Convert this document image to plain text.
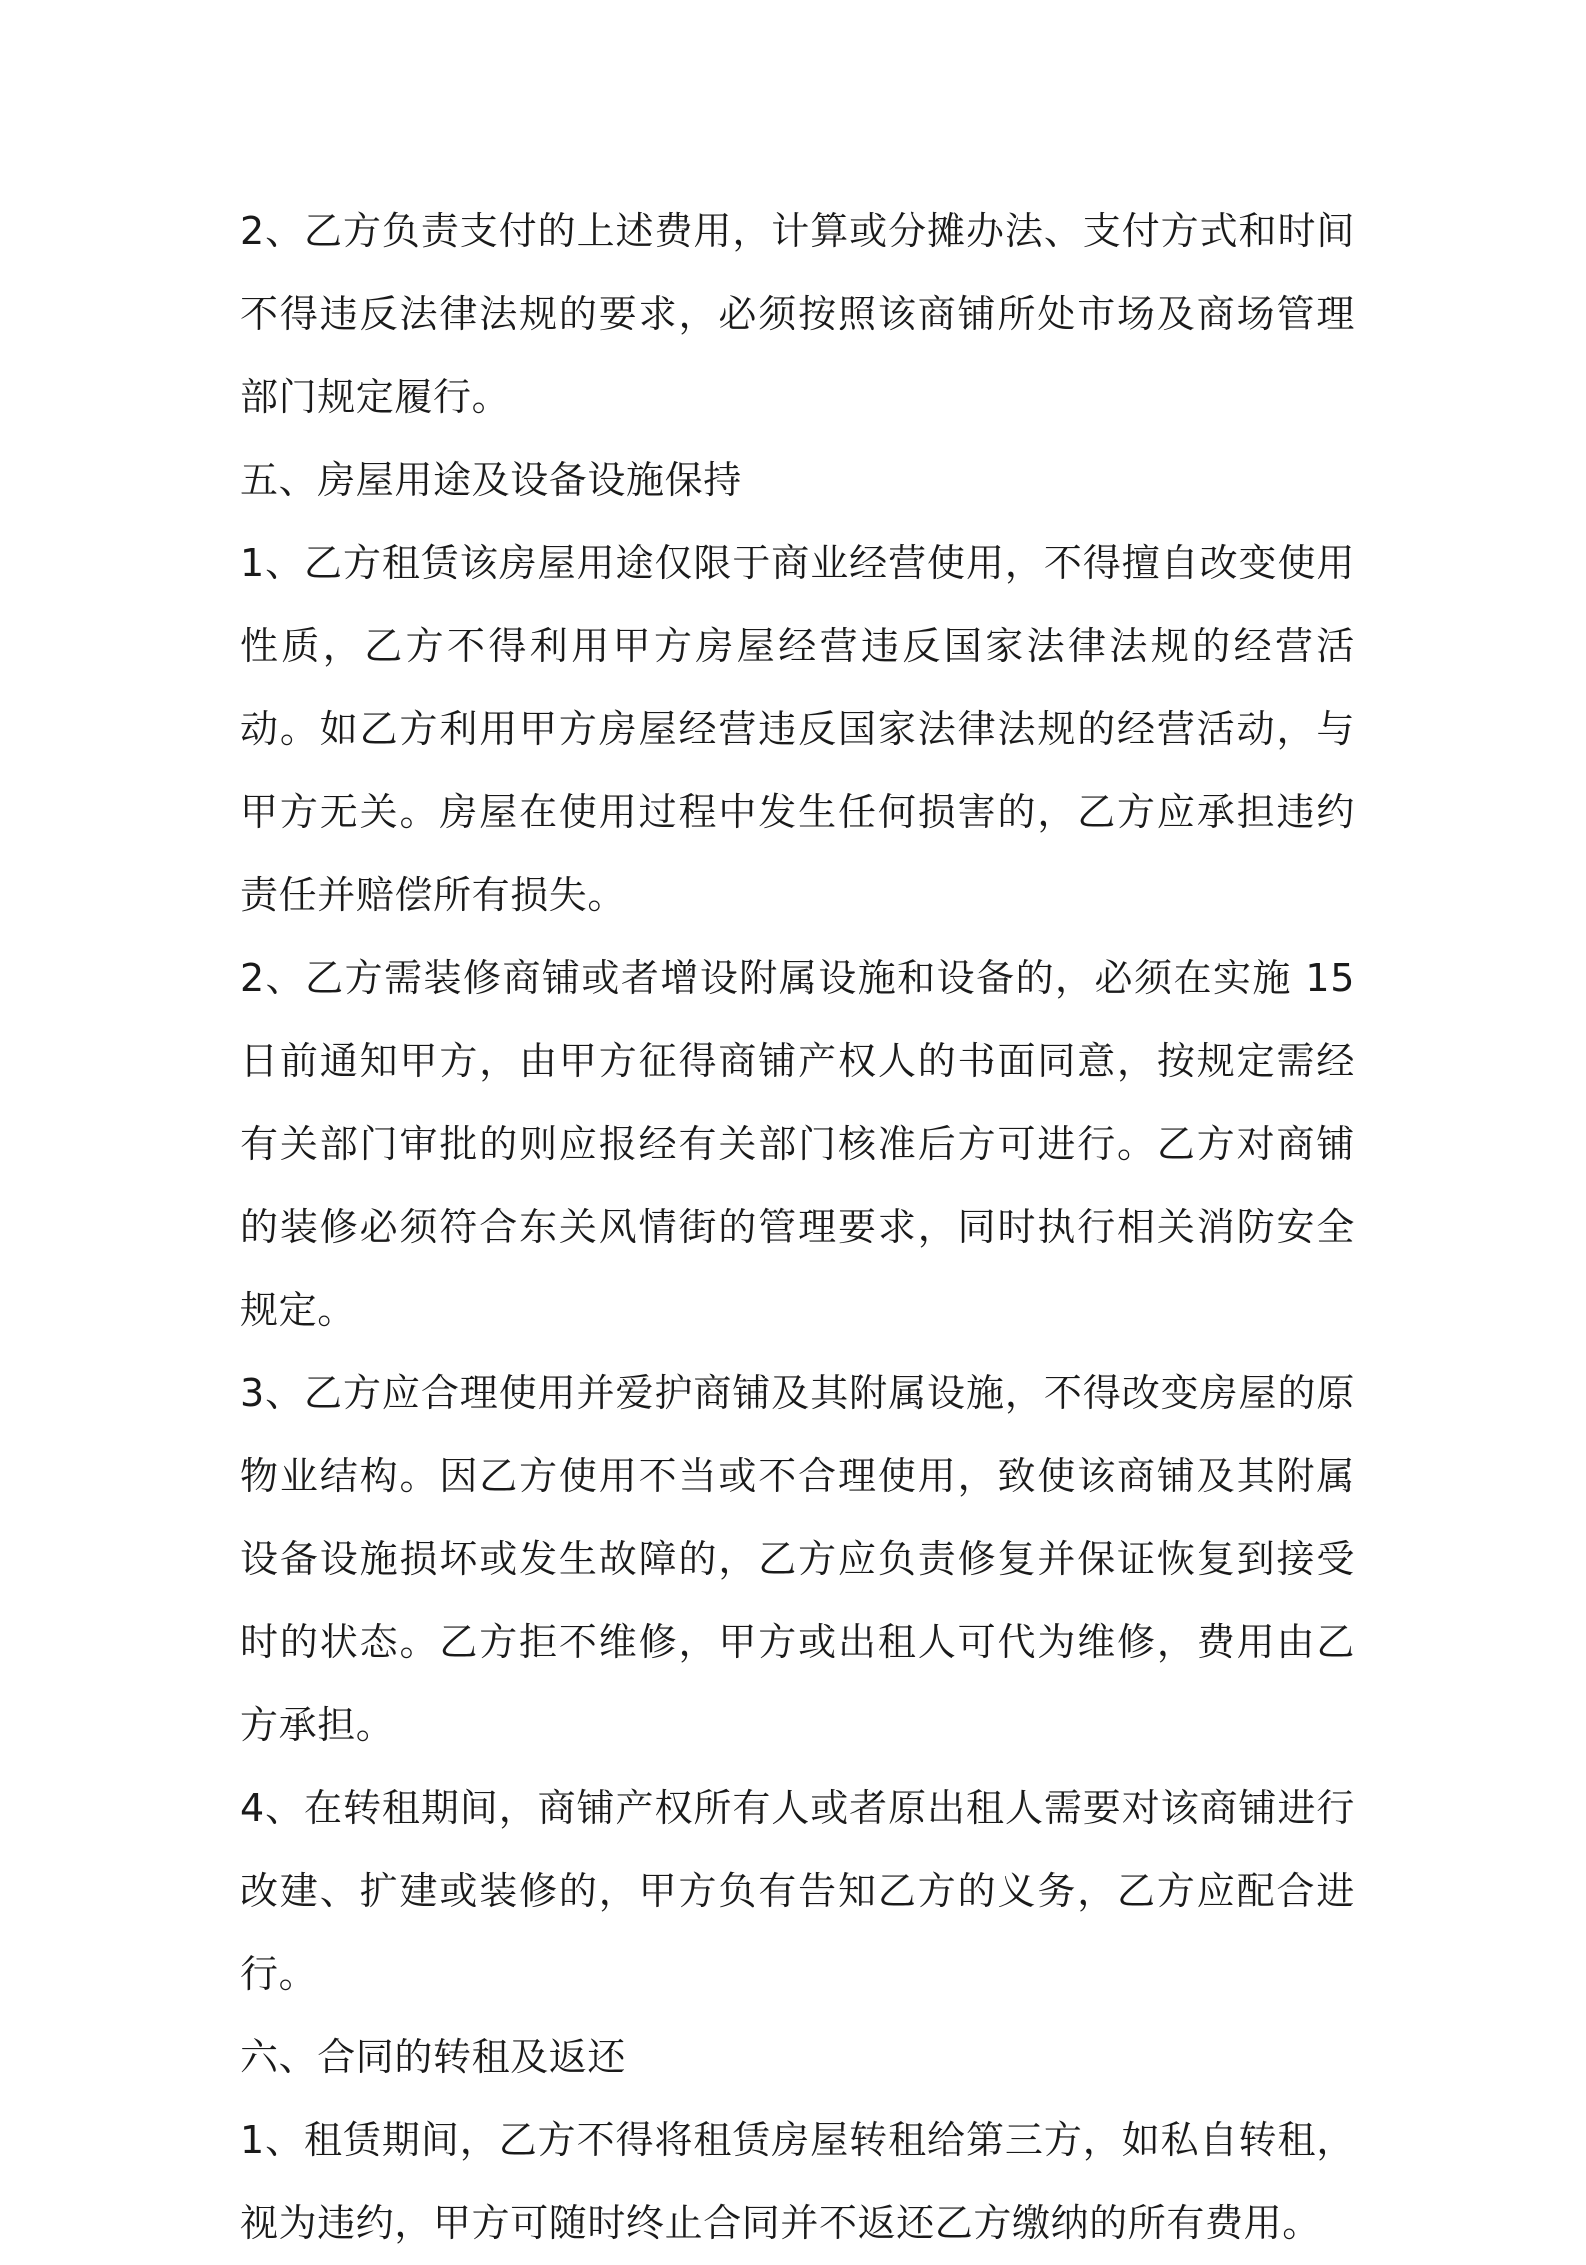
2、乙方负责支付的上述费用，计算或分摊办法、支付方式和时间不得违反法律法规的要求，必须按照该商铺所处市场及商场管理部门规定履行。

五、房屋用途及设备设施保持

1、乙方租赁该房屋用途仅限于商业经营使用，不得擅自改变使用性质，乙方不得利用甲方房屋经营违反国家法律法规的经营活动。如乙方利用甲方房屋经营违反国家法律法规的经营活动，与甲方无关。房屋在使用过程中发生任何损害的，乙方应承担违约责任并赔偿所有损失。

2、乙方需装修商铺或者增设附属设施和设备的，必须在实施 15 日前通知甲方，由甲方征得商铺产权人的书面同意，按规定需经有关部门审批的则应报经有关部门核准后方可进行。乙方对商铺的装修必须符合东关风情街的管理要求，同时执行相关消防安全规定。

3、乙方应合理使用并爱护商铺及其附属设施，不得改变房屋的原物业结构。因乙方使用不当或不合理使用，致使该商铺及其附属设备设施损坏或发生故障的，乙方应负责修复并保证恢复到接受时的状态。乙方拒不维修，甲方或出租人可代为维修，费用由乙方承担。

4、在转租期间，商铺产权所有人或者原出租人需要对该商铺进行改建、扩建或装修的，甲方负有告知乙方的义务，乙方应配合进行。

六、合同的转租及返还

1、租赁期间，乙方不得将租赁房屋转租给第三方，如私自转租，视为违约，甲方可随时终止合同并不返还乙方缴纳的所有费用。
